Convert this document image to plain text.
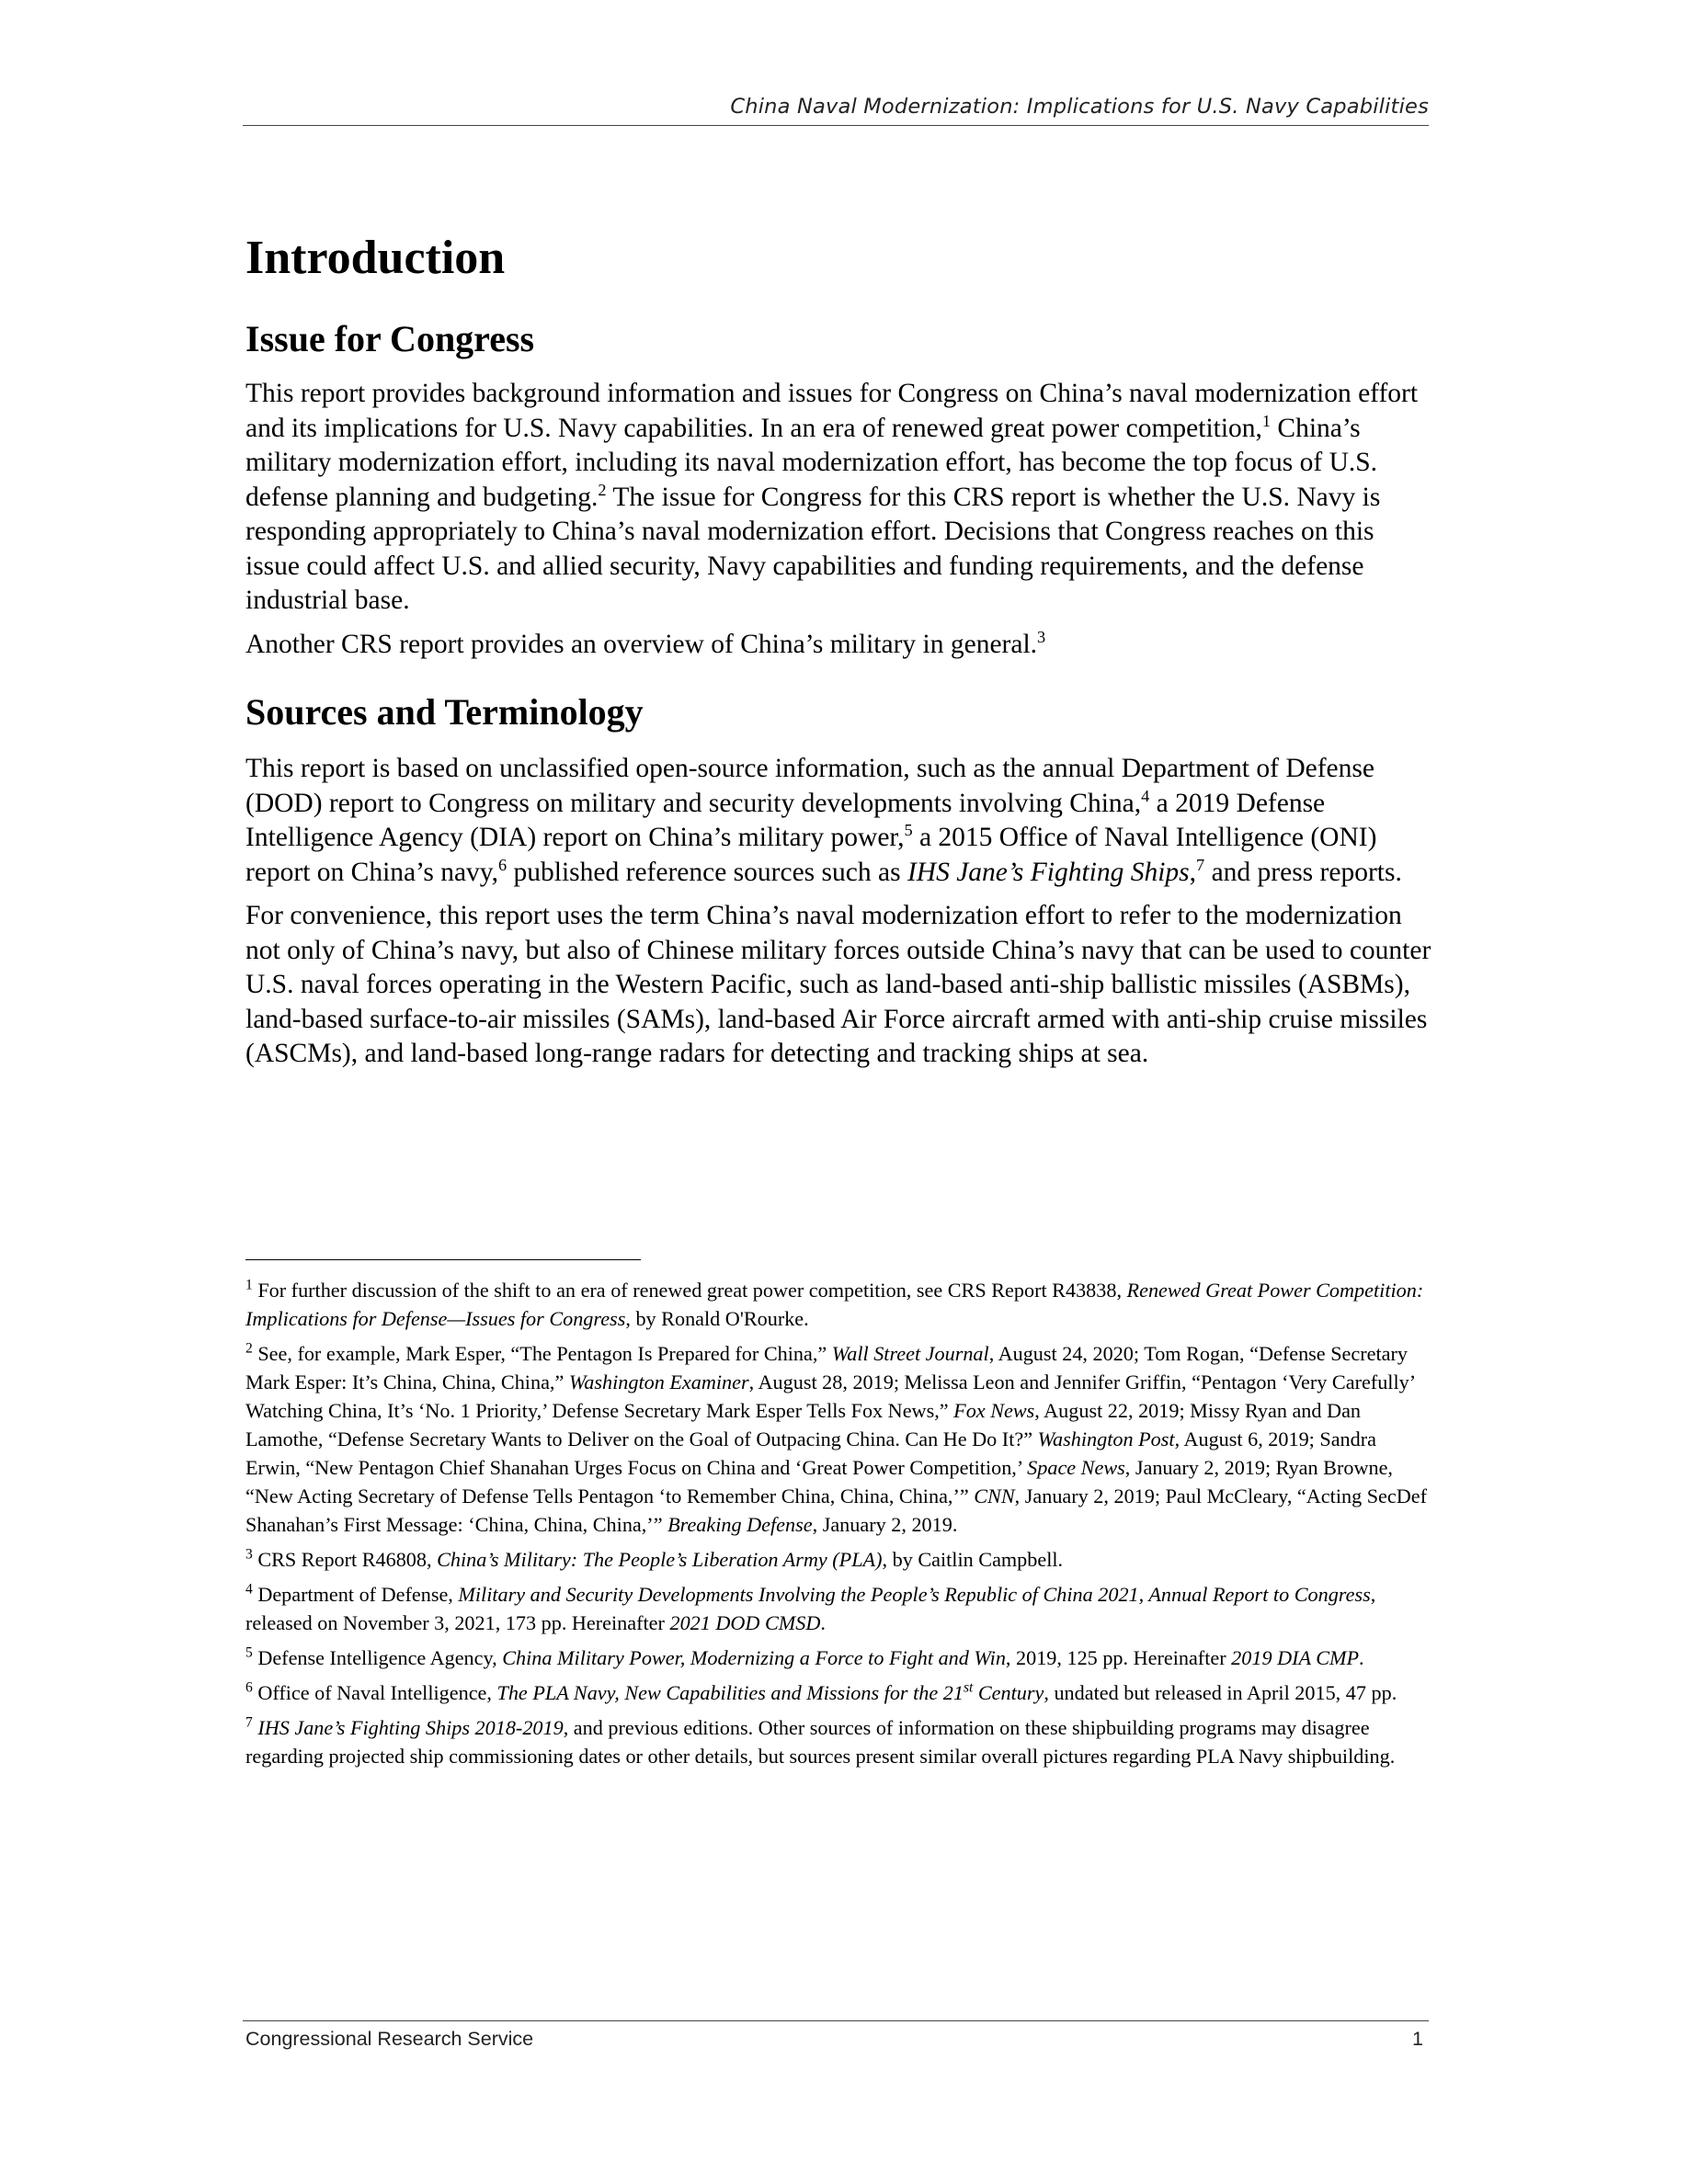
China Naval Modernization: Implications for U.S. Navy Capabilities
Introduction
Issue for Congress

This report provides background information and issues for Congress on China’s naval modernization effort and its implications for U.S. Navy capabilities. In an era of renewed great power competition,$^1$ China’s military modernization effort, including its naval modernization effort, has become the top focus of U.S. defense planning and budgeting.$^2$ The issue for Congress for this CRS report is whether the U.S. Navy is responding appropriately to China’s naval modernization effort. Decisions that Congress reaches on this issue could affect U.S. and allied security, Navy capabilities and funding requirements, and the defense industrial base.

Another CRS report provides an overview of China’s military in general.$^3$

Sources and Terminology

This report is based on unclassified open-source information, such as the annual Department of Defense (DOD) report to Congress on military and security developments involving China,$^4$ a 2019 Defense Intelligence Agency (DIA) report on China’s military power,$^5$ a 2015 Office of Naval Intelligence (ONI) report on China’s navy,$^6$ published reference sources such as IHS Jane’s Fighting Ships,$^7$ and press reports.

For convenience, this report uses the term China’s naval modernization effort to refer to the modernization not only of China’s navy, but also of Chinese military forces outside China’s navy that can be used to counter U.S. naval forces operating in the Western Pacific, such as land-based anti-ship ballistic missiles (ASBMs), land-based surface-to-air missiles (SAMs), land-based Air Force aircraft armed with anti-ship cruise missiles (ASCMs), and land-based long-range radars for detecting and tracking ships at sea.

$^1$ For further discussion of the shift to an era of renewed great power competition, see CRS Report R43838, Renewed Great Power Competition: Implications for Defense—Issues for Congress, by Ronald O'Rourke.

$^2$ See, for example, Mark Esper, “The Pentagon Is Prepared for China,” Wall Street Journal, August 24, 2020; Tom Rogan, “Defense Secretary Mark Esper: It’s China, China, China,” Washington Examiner, August 28, 2019; Melissa Leon and Jennifer Griffin, “Pentagon ‘Very Carefully’ Watching China, It’s ‘No. 1 Priority,’ Defense Secretary Mark Esper Tells Fox News,” Fox News, August 22, 2019; Missy Ryan and Dan Lamothe, “Defense Secretary Wants to Deliver on the Goal of Outpacing China. Can He Do It?” Washington Post, August 6, 2019; Sandra Erwin, “New Pentagon Chief Shanahan Urges Focus on China and ‘Great Power Competition,’ Space News, January 2, 2019; Ryan Browne, “New Acting Secretary of Defense Tells Pentagon ‘to Remember China, China, China,’” CNN, January 2, 2019; Paul McCleary, “Acting SecDef Shanahan’s First Message: ‘China, China, China,’” Breaking Defense, January 2, 2019.

$^3$ CRS Report R46808, China’s Military: The People’s Liberation Army (PLA), by Caitlin Campbell.

$^4$ Department of Defense, Military and Security Developments Involving the People’s Republic of China 2021, Annual Report to Congress, released on November 3, 2021, 173 pp. Hereinafter 2021 DOD CMSD.

$^5$ Defense Intelligence Agency, China Military Power, Modernizing a Force to Fight and Win, 2019, 125 pp. Hereinafter 2019 DIA CMP.

$^6$ Office of Naval Intelligence, The PLA Navy, New Capabilities and Missions for the 21st Century, undated but released in April 2015, 47 pp.

$^7$ IHS Jane’s Fighting Ships 2018-2019, and previous editions. Other sources of information on these shipbuilding programs may disagree regarding projected ship commissioning dates or other details, but sources present similar overall pictures regarding PLA Navy shipbuilding.

Congressional Research Service	1
